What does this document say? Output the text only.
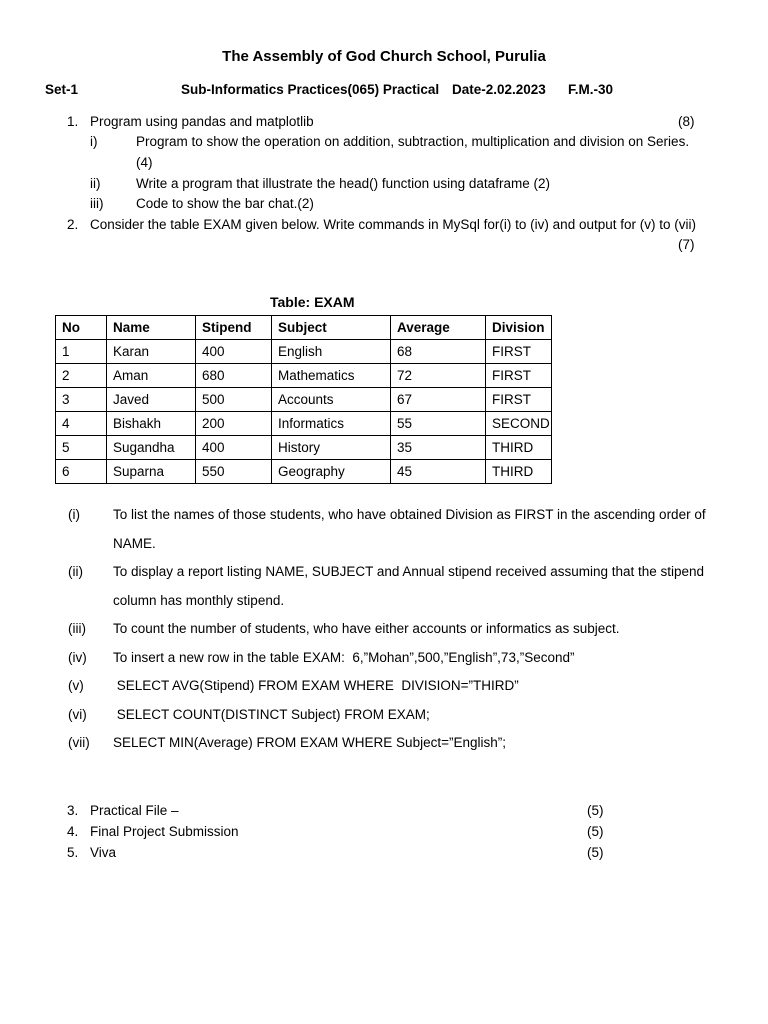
The Assembly of God Church School, Purulia
Set-1	Sub-Informatics Practices(065) Practical Date-2.02.2023 F.M.-30
1. Program using pandas and matplotlib	(8)
i)	Program to show the operation on addition, subtraction, multiplication and division on Series.
(4)
ii)	Write a program that illustrate the head() function using dataframe (2)
iii) Code to show the bar chat.(2)
2. Consider the table EXAM given below. Write commands in MySql for(i) to (iv) and output for (v) to (vii)
(7)
Table: EXAM
No	Name	Stipend	Subject	Average	Division
1	Karan	400	English	68	FIRST
2	Aman	680	Mathematics	72	FIRST
3	Javed	500	Accounts	67	FIRST
4	Bishakh	200	Informatics	55	SECOND
5	Sugandha	400	History	35	THIRD
6	Suparna	550	Geography	45	THIRD
(i) To list the names of those students, who have obtained Division as FIRST in the ascending order of
NAME.
(ii) To display a report listing NAME, SUBJECT and Annual stipend received assuming that the stipend
column has monthly stipend.
(iii) To count the number of students, who have either accounts or informatics as subject.
(iv) To insert a new row in the table EXAM:  6,”Mohan”,500,”English”,73,”Second”
(v) SELECT AVG(Stipend) FROM EXAM WHERE  DIVISION=”THIRD”
(vi) SELECT COUNT(DISTINCT Subject) FROM EXAM;
(vii) SELECT MIN(Average) FROM EXAM WHERE Subject=”English”;
3. Practical File –	(5)
4. Final Project Submission	(5)
5. Viva	(5)
